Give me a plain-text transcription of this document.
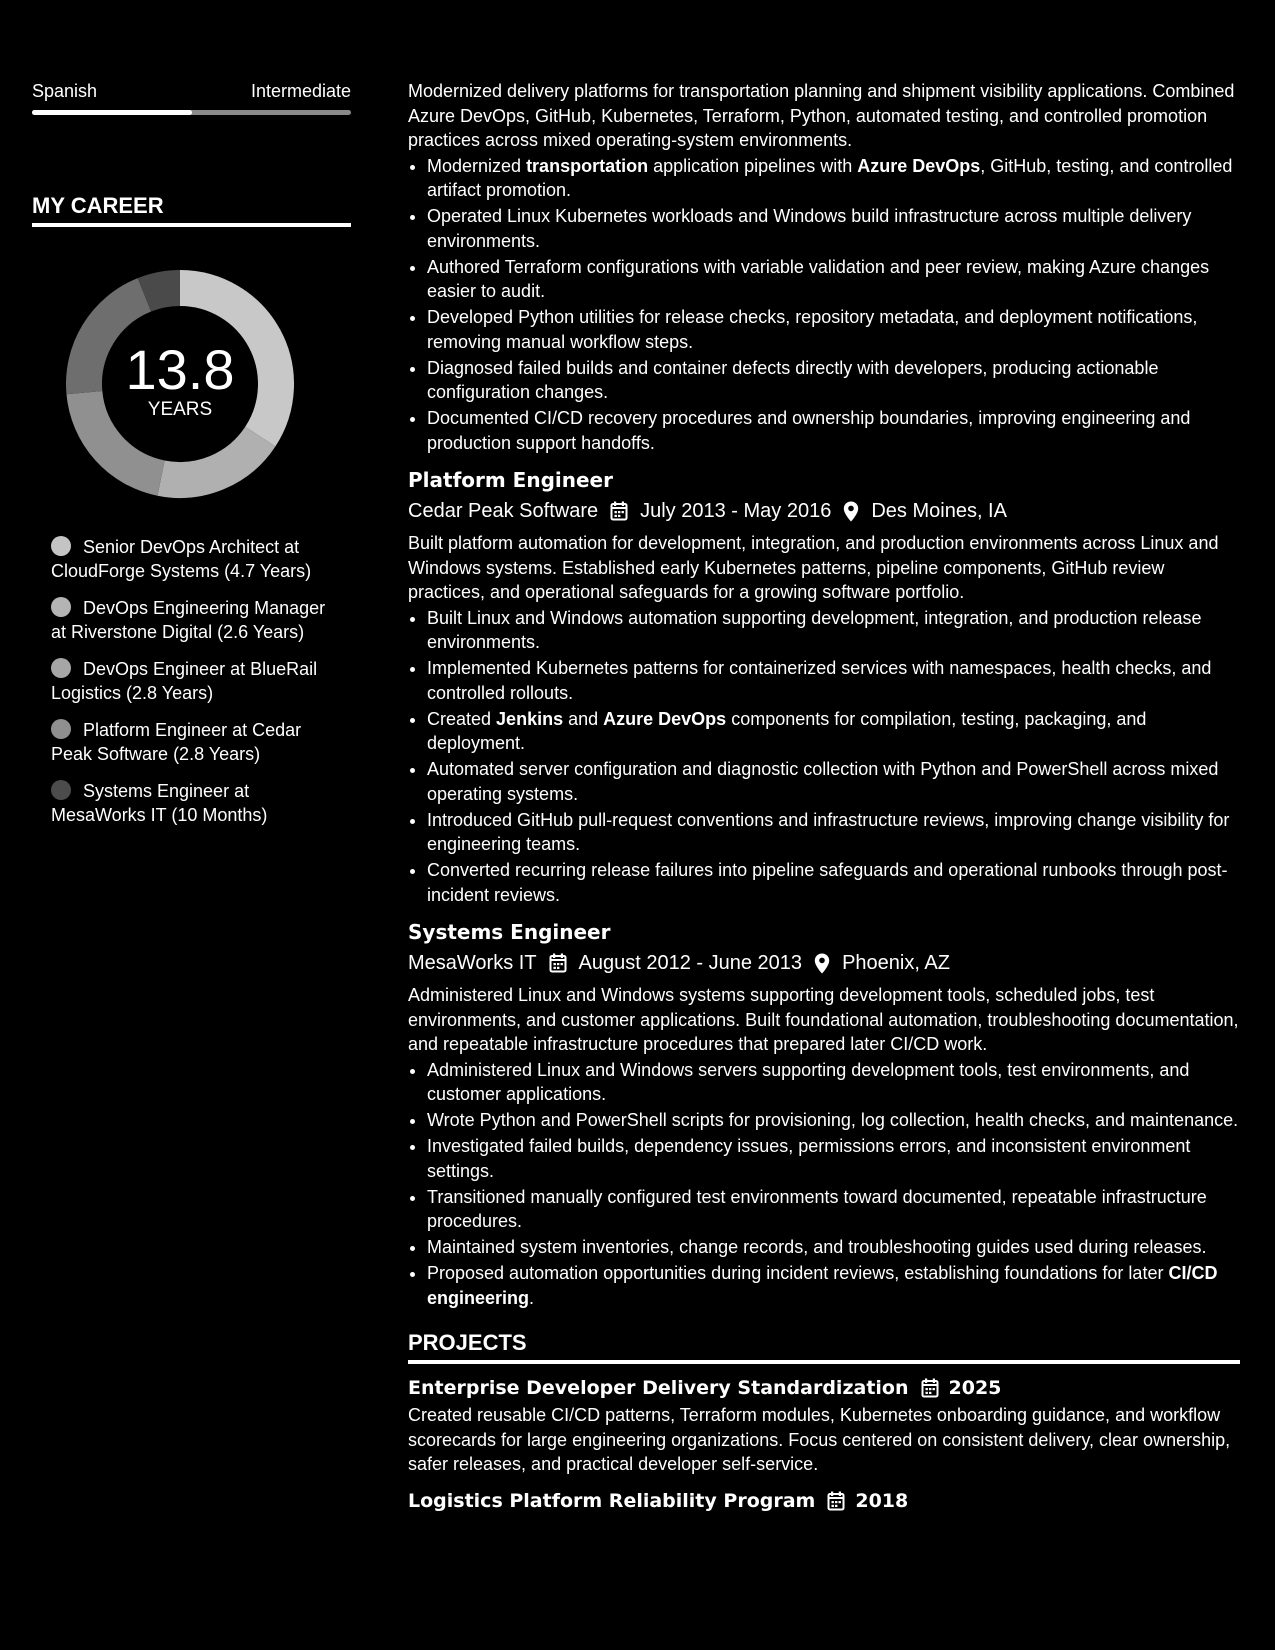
Spanish	Intermediate
MY CAREER
13.8
YEARS
Senior DevOps Architect at CloudForge Systems (4.7 Years)
DevOps Engineering Manager at Riverstone Digital (2.6 Years)
DevOps Engineer at BlueRail Logistics (2.8 Years)
Platform Engineer at Cedar Peak Software (2.8 Years)
Systems Engineer at MesaWorks IT (10 Months)

Modernized delivery platforms for transportation planning and shipment visibility applications. Combined Azure DevOps, GitHub, Kubernetes, Terraform, Python, automated testing, and controlled promotion practices across mixed operating-system environments.

• Modernized transportation application pipelines with Azure DevOps, GitHub, testing, and controlled artifact promotion.
• Operated Linux Kubernetes workloads and Windows build infrastructure across multiple delivery environments.
• Authored Terraform configurations with variable validation and peer review, making Azure changes easier to audit.
• Developed Python utilities for release checks, repository metadata, and deployment notifications, removing manual workflow steps.
• Diagnosed failed builds and container defects directly with developers, producing actionable configuration changes.
• Documented CI/CD recovery procedures and ownership boundaries, improving engineering and production support handoffs.
Platform Engineer
Cedar Peak Software July 2013 - May 2016 Des Moines, IA

Built platform automation for development, integration, and production environments across Linux and Windows systems. Established early Kubernetes patterns, pipeline components, GitHub review practices, and operational safeguards for a growing software portfolio.

• Built Linux and Windows automation supporting development, integration, and production release environments.
• Implemented Kubernetes patterns for containerized services with namespaces, health checks, and controlled rollouts.
• Created Jenkins and Azure DevOps components for compilation, testing, packaging, and deployment.
• Automated server configuration and diagnostic collection with Python and PowerShell across mixed operating systems.
• Introduced GitHub pull-request conventions and infrastructure reviews, improving change visibility for engineering teams.
• Converted recurring release failures into pipeline safeguards and operational runbooks through post-incident reviews.
Systems Engineer
MesaWorks IT August 2012 - June 2013 Phoenix, AZ

Administered Linux and Windows systems supporting development tools, scheduled jobs, test environments, and customer applications. Built foundational automation, troubleshooting documentation, and repeatable infrastructure procedures that prepared later CI/CD work.

• Administered Linux and Windows servers supporting development tools, test environments, and customer applications.
• Wrote Python and PowerShell scripts for provisioning, log collection, health checks, and maintenance.
• Investigated failed builds, dependency issues, permissions errors, and inconsistent environment settings.
• Transitioned manually configured test environments toward documented, repeatable infrastructure procedures.
• Maintained system inventories, change records, and troubleshooting guides used during releases.
• Proposed automation opportunities during incident reviews, establishing foundations for later CI/CD engineering.
PROJECTS
Enterprise Developer Delivery Standardization 2025

Created reusable CI/CD patterns, Terraform modules, Kubernetes onboarding guidance, and workflow scorecards for large engineering organizations. Focus centered on consistent delivery, clear ownership, safer releases, and practical developer self-service.

Logistics Platform Reliability Program 2018
